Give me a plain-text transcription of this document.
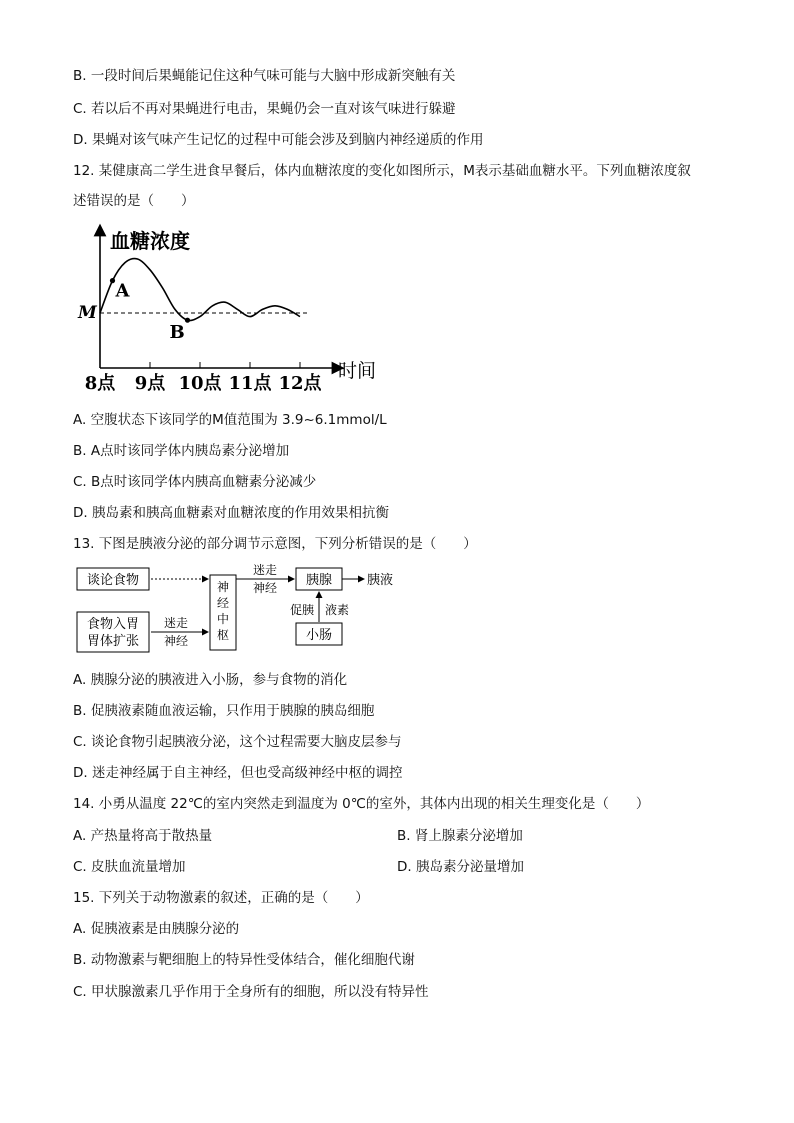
B. 一段时间后果蝇能记住这种气味可能与大脑中形成新突触有关
C. 若以后不再对果蝇进行电击，果蝇仍会一直对该气味进行躲避
D. 果蝇对该气味产生记忆的过程中可能会涉及到脑内神经递质的作用
12. 某健康高二学生进食早餐后，体内血糖浓度的变化如图所示，M表示基础血糖水平。下列血糖浓度叙
述错误的是（　　）
血糖浓度
时间
M
8点 9点 10点 11点 12点
A
B
A. 空腹状态下该同学的M值范围为 3.9~6.1mmol/L
B. A点时该同学体内胰岛素分泌增加
C. B点时该同学体内胰高血糖素分泌减少
D. 胰岛素和胰高血糖素对血糖浓度的作用效果相抗衡
13. 下图是胰液分泌的部分调节示意图，下列分析错误的是（　　）
谈论食物
食物入胃
胃体扩张
迷走
神经
神
经
中
枢
迷走
神经 胰腺	胰液
促胰 液素
小肠
A. 胰腺分泌的胰液进入小肠，参与食物的消化
B. 促胰液素随血液运输，只作用于胰腺的胰岛细胞
C. 谈论食物引起胰液分泌，这个过程需要大脑皮层参与
D. 迷走神经属于自主神经，但也受高级神经中枢的调控
14. 小勇从温度 22℃的室内突然走到温度为 0℃的室外，其体内出现的相关生理变化是（　　）
A. 产热量将高于散热量	B. 肾上腺素分泌增加
C. 皮肤血流量增加	D. 胰岛素分泌量增加
15. 下列关于动物激素的叙述，正确的是（　　）
A. 促胰液素是由胰腺分泌的
B. 动物激素与靶细胞上的特异性受体结合，催化细胞代谢
C. 甲状腺激素几乎作用于全身所有的细胞，所以没有特异性
